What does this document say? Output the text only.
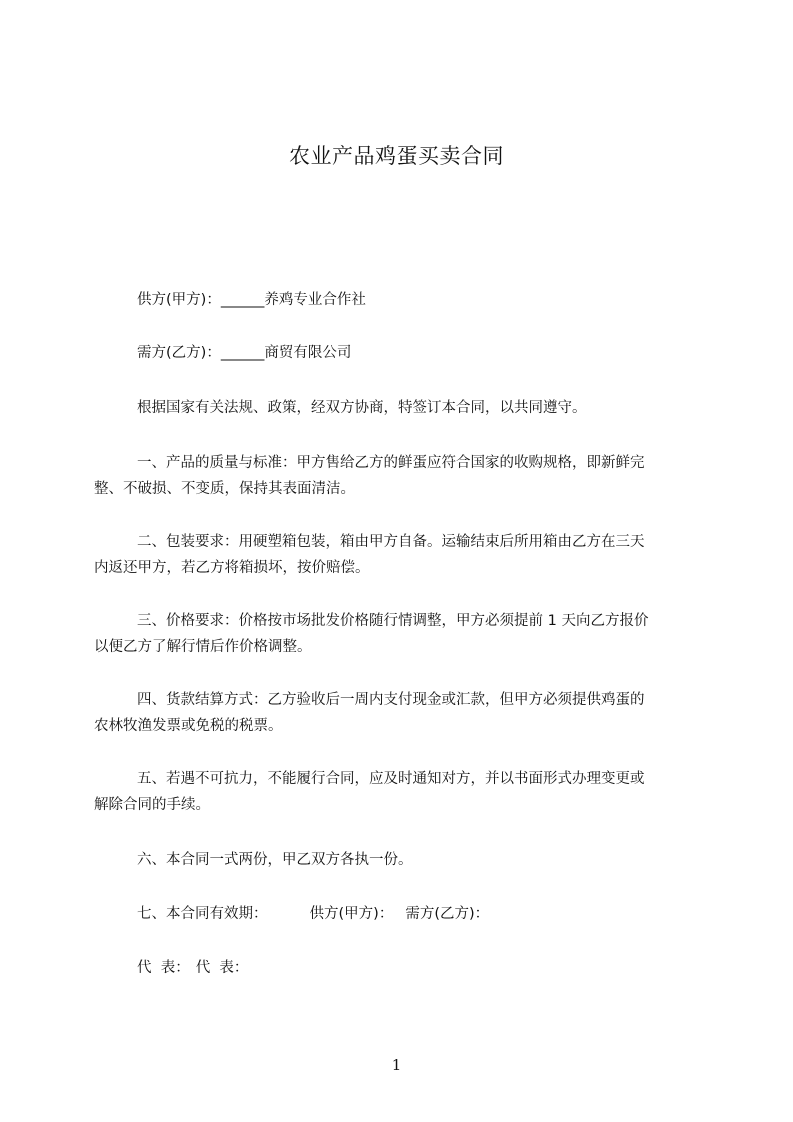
农业产品鸡蛋买卖合同

供方(甲方)：______养鸡专业合作社

需方(乙方)：______商贸有限公司

根据国家有关法规、政策，经双方协商，特签订本合同，以共同遵守。

一、产品的质量与标准：甲方售给乙方的鲜蛋应符合国家的收购规格，即新鲜完
整、不破损、不变质，保持其表面清洁。
二、包装要求：用硬塑箱包装，箱由甲方自备。运输结束后所用箱由乙方在三天
内返还甲方，若乙方将箱损坏，按价赔偿。
三、价格要求：价格按市场批发价格随行情调整，甲方必须提前 1 天向乙方报价
以便乙方了解行情后作价格调整。
四、货款结算方式：乙方验收后一周内支付现金或汇款，但甲方必须提供鸡蛋的
农林牧渔发票或免税的税票。
五、若遇不可抗力，不能履行合同，应及时通知对方，并以书面形式办理变更或
解除合同的手续。

六、本合同一式两份，甲乙双方各执一份。

七、本合同有效期：	供方(甲方)： 需方(乙方)：

代  表： 代  表：

1
